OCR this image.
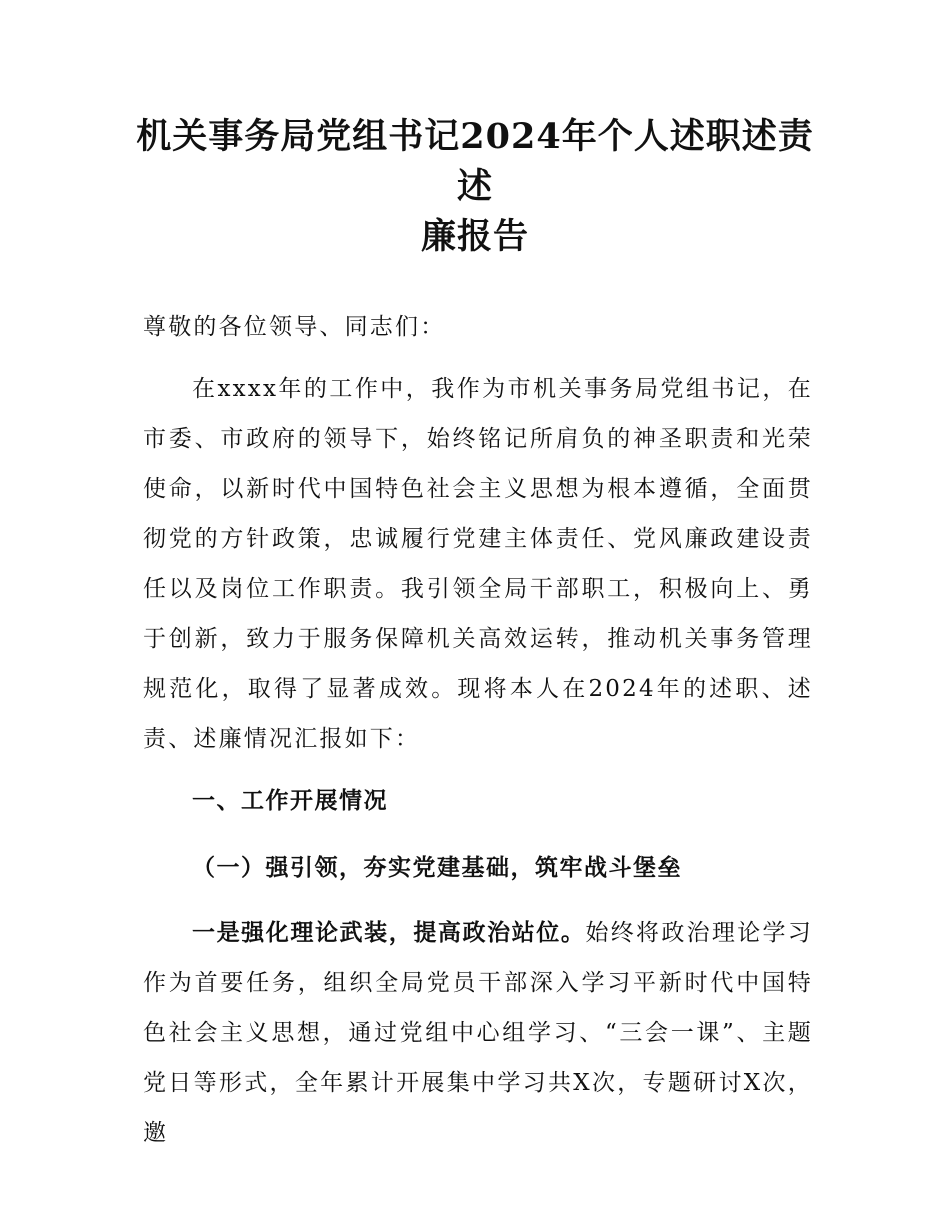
机关事务局党组书记2024年个人述职述责述
廉报告

尊敬的各位领导、同志们：

在xxxx年的工作中，我作为市机关事务局党组书记，在市委、市政府的领导下，始终铭记所肩负的神圣职责和光荣使命，以新时代中国特色社会主义思想为根本遵循，全面贯彻党的方针政策，忠诚履行党建主体责任、党风廉政建设责任以及岗位工作职责。我引领全局干部职工，积极向上、勇于创新，致力于服务保障机关高效运转，推动机关事务管理规范化，取得了显著成效。现将本人在2024年的述职、述责、述廉情况汇报如下：

一、工作开展情况

（一）强引领，夯实党建基础，筑牢战斗堡垒

一是强化理论武装，提高政治站位。始终将政治理论学习作为首要任务，组织全局党员干部深入学习平新时代中国特色社会主义思想，通过党组中心组学习、“三会一课”、主题党日等形式，全年累计开展集中学习共X次，专题研讨X次，邀
